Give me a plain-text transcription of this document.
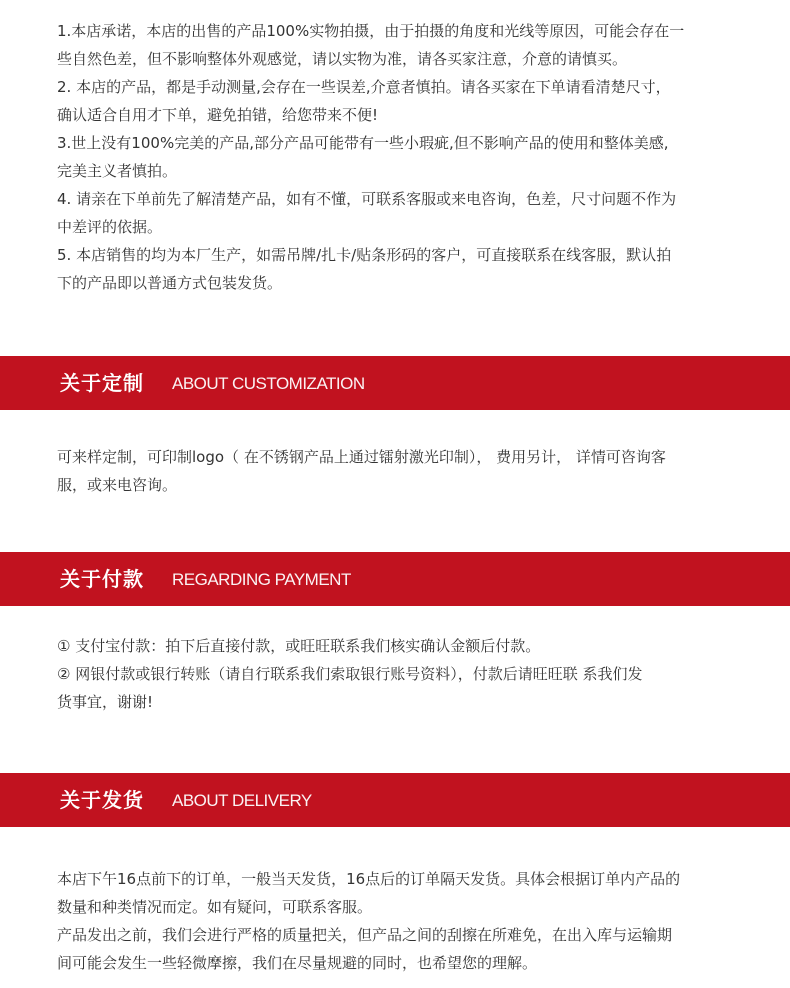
1.本店承诺，本店的出售的产品100%实物拍摄，由于拍摄的角度和光线等原因，可能会存在一
些自然色差，但不影响整体外观感觉，请以实物为准，请各买家注意，介意的请慎买。
2. 本店的产品，都是手动测量,会存在一些误差,介意者慎拍。请各买家在下单请看清楚尺寸，
确认适合自用才下单，避免拍错，给您带来不便!
3.世上没有100%完美的产品,部分产品可能带有一些小瑕疵,但不影响产品的使用和整体美感,
完美主义者慎拍。
4. 请亲在下单前先了解清楚产品，如有不懂，可联系客服或来电咨询，色差，尺寸问题不作为
中差评的依据。
5. 本店销售的均为本厂生产，如需吊牌/扎卡/贴条形码的客户，可直接联系在线客服，默认拍
下的产品即以普通方式包装发货。
关于定制 ABOUT CUSTOMIZATION
可来样定制，可印制logo（ 在不锈钢产品上通过镭射激光印制）， 费用另计， 详情可咨询客
服，或来电咨询。
关于付款 REGARDING PAYMENT
① 支付宝付款：拍下后直接付款，或旺旺联系我们核实确认金额后付款。
② 网银付款或银行转账（请自行联系我们索取银行账号资料），付款后请旺旺联 系我们发
货事宜，谢谢!
关于发货 ABOUT DELIVERY
本店下午16点前下的订单，一般当天发货，16点后的订单隔天发货。具体会根据订单内产品的
数量和种类情况而定。如有疑问，可联系客服。
产品发出之前，我们会进行严格的质量把关，但产品之间的刮擦在所难免，在出入库与运输期
间可能会发生一些轻微摩擦，我们在尽量规避的同时，也希望您的理解。
